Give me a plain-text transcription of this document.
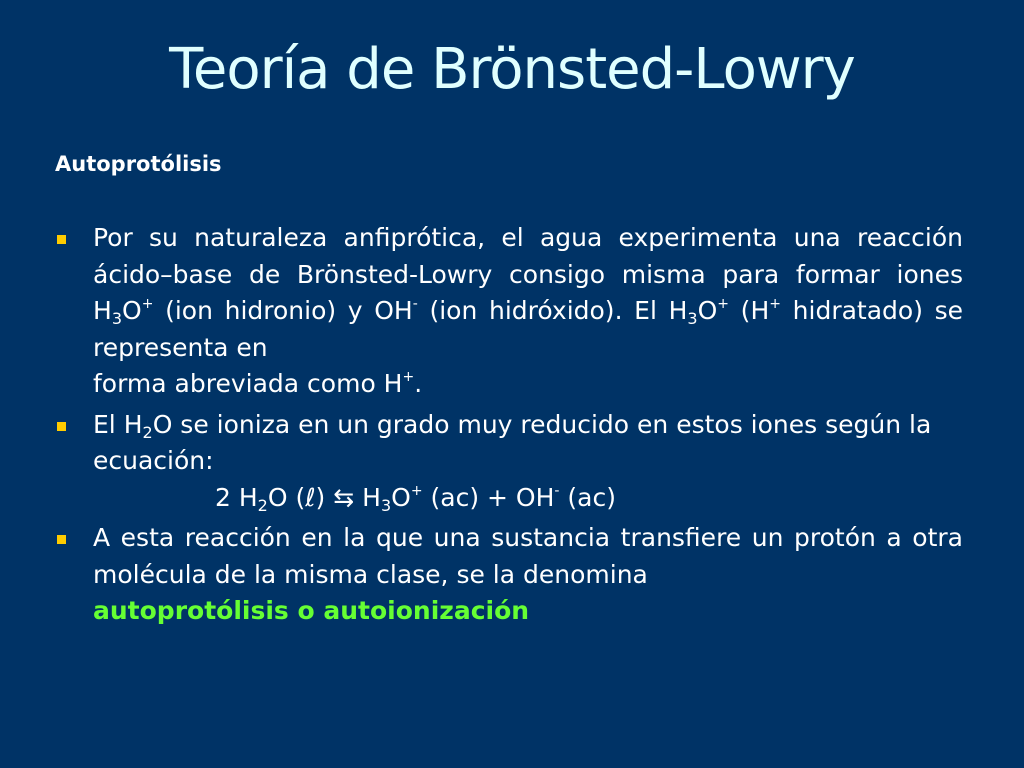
Teoría de Brönsted-Lowry
Autoprotólisis
Por su naturaleza anfiprótica, el agua experimenta una reacción ácido–base de Brönsted-Lowry consigo misma para formar iones $H_3O^+$ (ion hidronio) y OH- (ion hidróxido). El $H_3O^+$ (H+ hidratado) se representa en
forma abreviada como H+.
El $H_2O$ se ioniza en un grado muy reducido en estos iones según la ecuación:
2 $H_2O$ (ℓ) ⇆ $H_3O^+$ (ac) + OH- (ac)
A esta reacción en la que una sustancia transfiere un protón a otra molécula de la misma clase, se la denomina
autoprotólisis o autoionización
